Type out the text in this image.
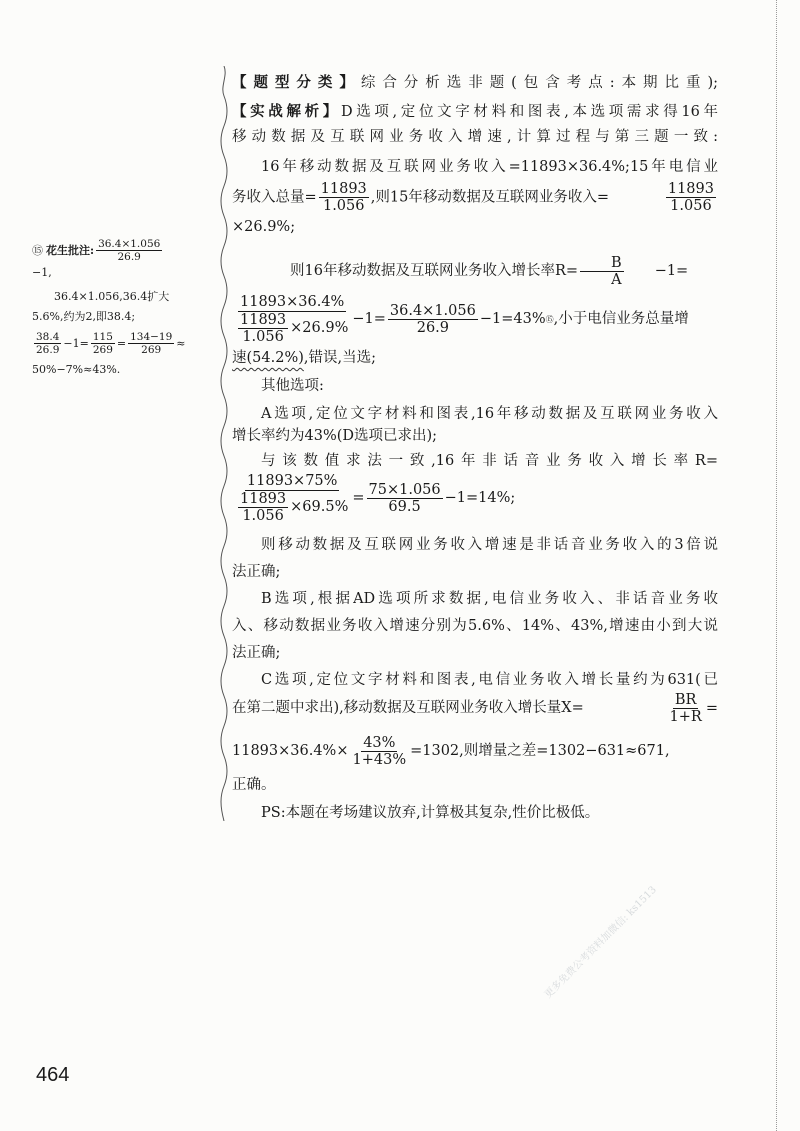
【题型分类】综合分析选非题(包含考点:本期比重);

【实战解析】D选项,定位文字材料和图表,本选项需求得16年

移动数据及互联网业务收入增速,计算过程与第三题一致:

16年移动数据及互联网业务收入=11893×36.4%;15年电信业

务收入总量= $\frac{11893}{1.056}$ ,则15年移动数据及互联网业务收入=	$\frac{11893}{1.056}$

×26.9%;

则16年移动数据及互联网业务收入增长率$R= \frac{B}{A}$	−1=
$\frac{11893\times 36.4\%}{\frac{11893}{1.056} \times 26.9\%} -1= \frac{36.4\times 1.056}{26.9} -1=43\%$ ⑮ ,小于电信业务总量增

速(54.2%),错误,当选;

其他选项:

A选项,定位文字材料和图表,16年移动数据及互联网业务收入

增长率约为43%(D选项已求出);

与该数值求法一致,16年非话音业务收入增长率R=

$\frac{11893\times 75\%}{\frac{11893}{1.056} \times 69.5\%} = \frac{75\times 1.056}{69.5} -1=14\%$;

则移动数据及互联网业务收入增速是非话音业务收入的3倍说

法正确;

B选项,根据AD选项所求数据,电信业务收入、非话音业务收

入、移动数据业务收入增速分别为5.6%、14%、43%,增速由小到大说

法正确;

C选项,定位文字材料和图表,电信业务收入增长量约为631(已

在第二题中求出),移动数据及互联网业务收入增长量X=	$\frac{BR}{1+R}$ =
$11893\times 36.4\%\times \frac{43\%}{1+43\%} =1302$,则增量之差=1302−631≈671,

正确。

PS:本题在考场建议放弃,计算极其复杂,性价比极低。

⑮ 花生批注: $\frac{36.4\times 1.056}{26.9}$
−1,
36.4×1.056,36.4扩大
5.6%,约为2,即38.4;
$\frac{38.4}{26.9} -1= \frac{115}{269} = \frac{134-19}{269}$ ≈
50%−7%≈43%.
464
更多免费公考资料加微信: ks1513
